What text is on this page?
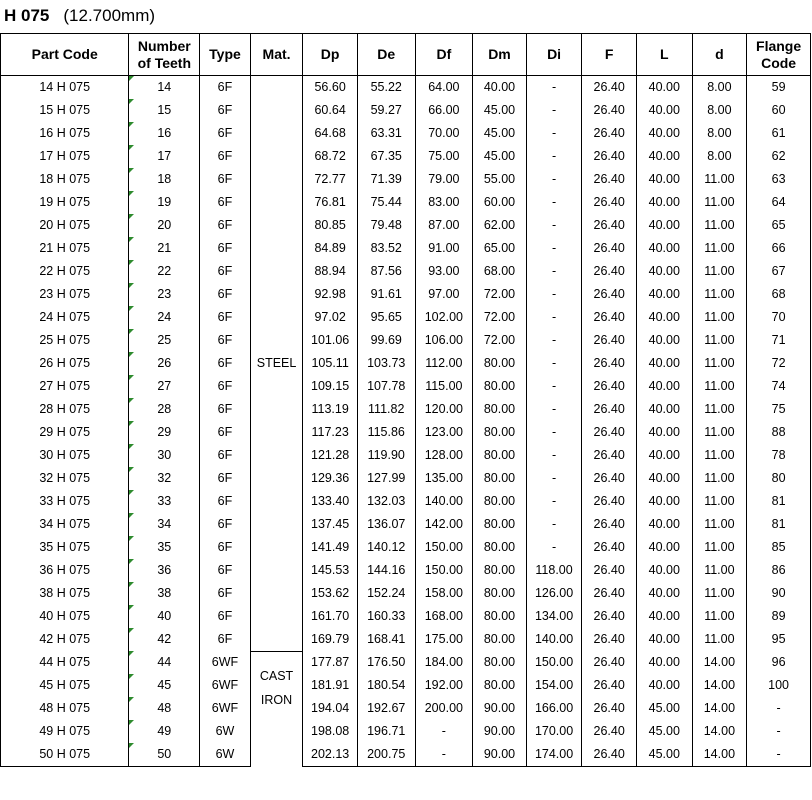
H 075 (12.700mm)
Part Code	Number of Teeth	Type	Mat.	Dp	De	Df	Dm	Di	F	L	d	Flange Code
14 H 075	14	6F	STEEL	56.60	55.22	64.00	40.00	-	26.40	40.00	8.00	59
15 H 075	15	6F		60.64	59.27	66.00	45.00	-	26.40	40.00	8.00	60
16 H 075	16	6F		64.68	63.31	70.00	45.00	-	26.40	40.00	8.00	61
17 H 075	17	6F		68.72	67.35	75.00	45.00	-	26.40	40.00	8.00	62
18 H 075	18	6F		72.77	71.39	79.00	55.00	-	26.40	40.00	11.00	63
19 H 075	19	6F		76.81	75.44	83.00	60.00	-	26.40	40.00	11.00	64
20 H 075	20	6F		80.85	79.48	87.00	62.00	-	26.40	40.00	11.00	65
21 H 075	21	6F		84.89	83.52	91.00	65.00	-	26.40	40.00	11.00	66
22 H 075	22	6F		88.94	87.56	93.00	68.00	-	26.40	40.00	11.00	67
23 H 075	23	6F		92.98	91.61	97.00	72.00	-	26.40	40.00	11.00	68
24 H 075	24	6F		97.02	95.65	102.00	72.00	-	26.40	40.00	11.00	70
25 H 075	25	6F		101.06	99.69	106.00	72.00	-	26.40	40.00	11.00	71
26 H 075	26	6F		105.11	103.73	112.00	80.00	-	26.40	40.00	11.00	72
27 H 075	27	6F		109.15	107.78	115.00	80.00	-	26.40	40.00	11.00	74
28 H 075	28	6F		113.19	111.82	120.00	80.00	-	26.40	40.00	11.00	75
29 H 075	29	6F		117.23	115.86	123.00	80.00	-	26.40	40.00	11.00	88
30 H 075	30	6F		121.28	119.90	128.00	80.00	-	26.40	40.00	11.00	78
32 H 075	32	6F		129.36	127.99	135.00	80.00	-	26.40	40.00	11.00	80
33 H 075	33	6F		133.40	132.03	140.00	80.00	-	26.40	40.00	11.00	81
34 H 075	34	6F		137.45	136.07	142.00	80.00	-	26.40	40.00	11.00	81
35 H 075	35	6F		141.49	140.12	150.00	80.00	-	26.40	40.00	11.00	85
36 H 075	36	6F		145.53	144.16	150.00	80.00	118.00	26.40	40.00	11.00	86
38 H 075	38	6F		153.62	152.24	158.00	80.00	126.00	26.40	40.00	11.00	90
40 H 075	40	6F		161.70	160.33	168.00	80.00	134.00	26.40	40.00	11.00	89
42 H 075	42	6F		169.79	168.41	175.00	80.00	140.00	26.40	40.00	11.00	95
44 H 075	44	6WF	CAST IRON	177.87	176.50	184.00	80.00	150.00	26.40	40.00	14.00	96
45 H 075	45	6WF		181.91	180.54	192.00	80.00	154.00	26.40	40.00	14.00	100
48 H 075	48	6WF		194.04	192.67	200.00	90.00	166.00	26.40	45.00	14.00	-
49 H 075	49	6W		198.08	196.71	-	90.00	170.00	26.40	45.00	14.00	-
50 H 075	50	6W		202.13	200.75	-	90.00	174.00	26.40	45.00	14.00	-
